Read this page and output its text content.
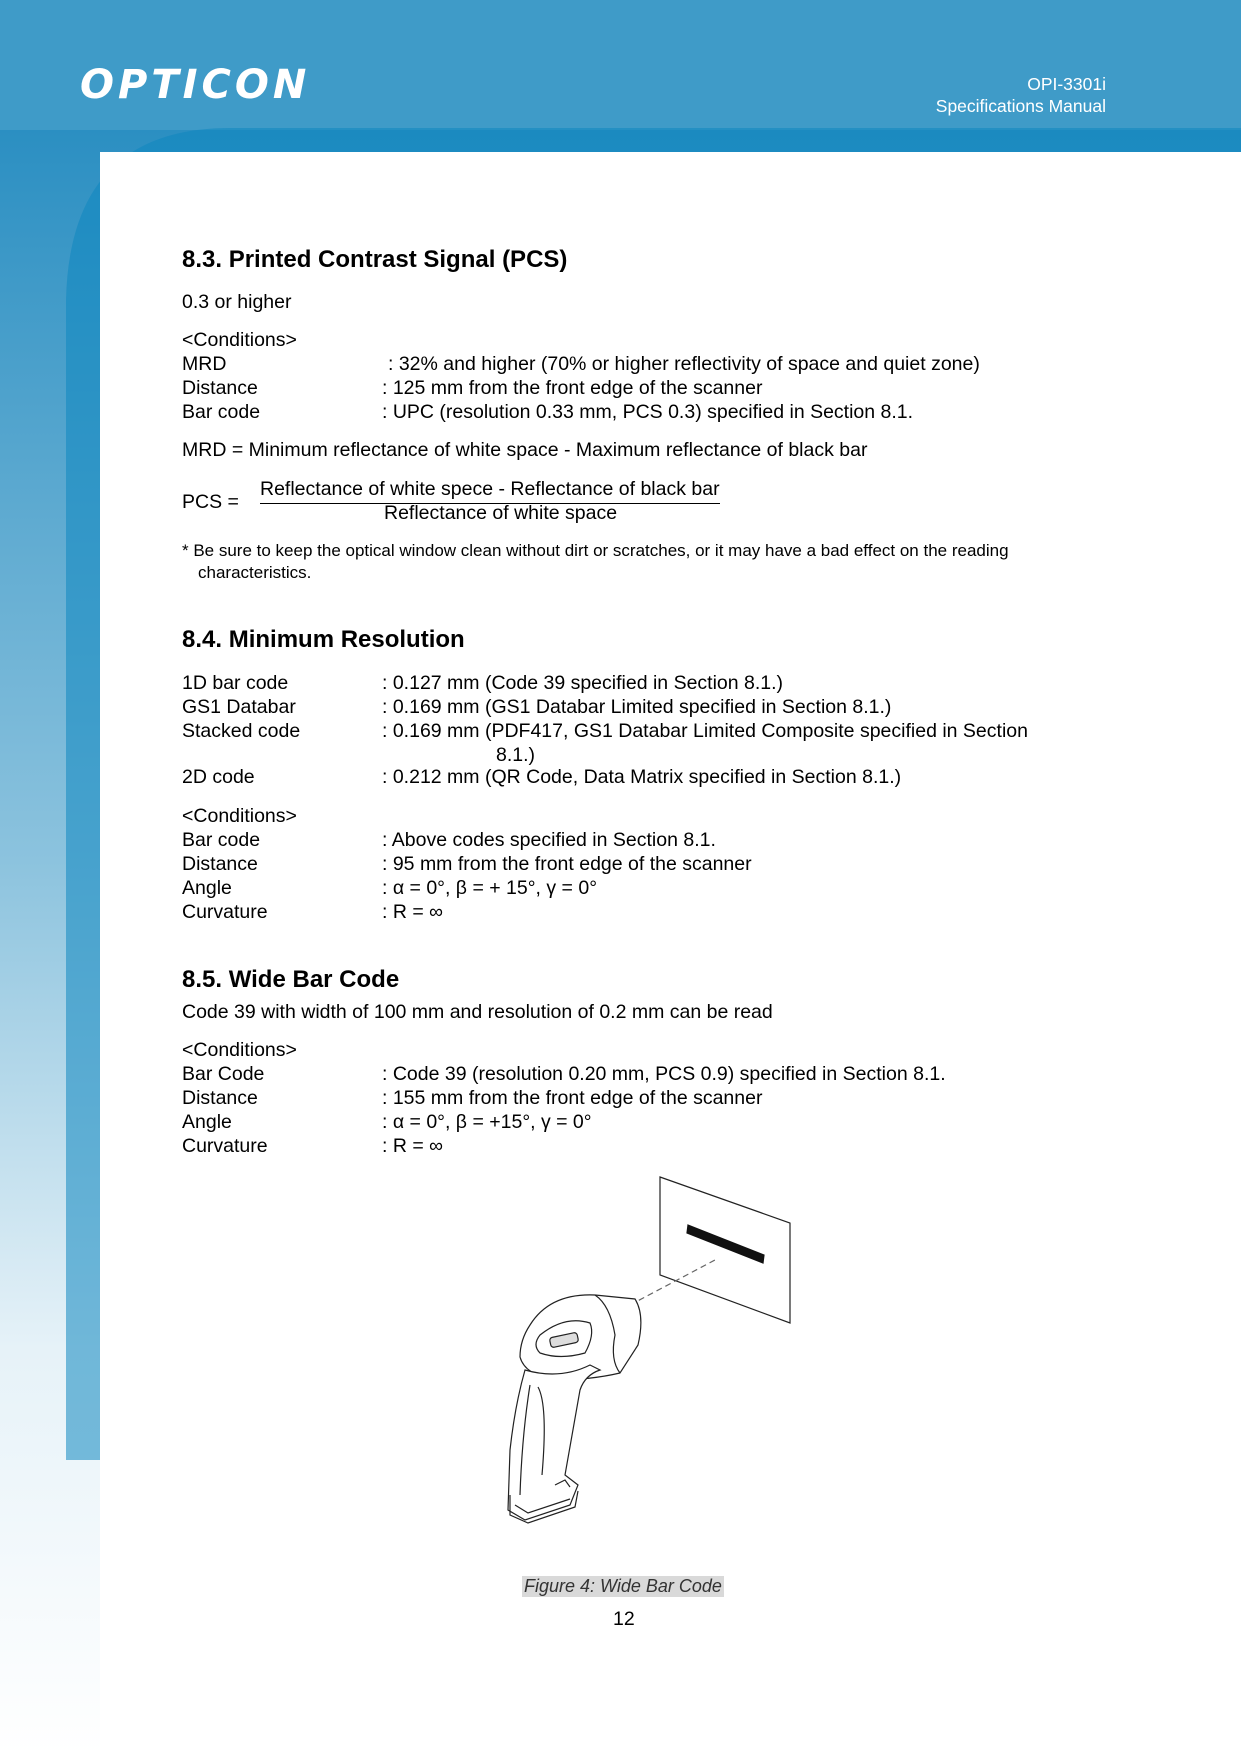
OPTICON	OPI-3301i
Specifications Manual
8.3. Printed Contrast Signal (PCS)
0.3 or higher
<Conditions>
MRD	: 32% and higher (70% or higher reflectivity of space and quiet zone)
Distance	: 125 mm from the front edge of the scanner
Bar code	: UPC (resolution 0.33 mm, PCS 0.3) specified in Section 8.1.
MRD = Minimum reflectance of white space - Maximum reflectance of black bar
PCS =
Reflectance of white spece - Reflectance of black bar
Reflectance of white space
* Be sure to keep the optical window clean without dirt or scratches, or it may have a bad effect on the reading
characteristics.
8.4. Minimum Resolution
1D bar code	: 0.127 mm (Code 39 specified in Section 8.1.)
GS1 Databar	: 0.169 mm (GS1 Databar Limited specified in Section 8.1.)
Stacked code	: 0.169 mm (PDF417, GS1 Databar Limited Composite specified in Section
8.1.)
2D code	: 0.212 mm (QR Code, Data Matrix specified in Section 8.1.)
<Conditions>
Bar code	: Above codes specified in Section 8.1.
Distance	: 95 mm from the front edge of the scanner
Angle	: α = 0°, β = + 15°, γ = 0°
Curvature	: R = ∞
8.5. Wide Bar Code
Code 39 with width of 100 mm and resolution of 0.2 mm can be read
<Conditions>
Bar Code	: Code 39 (resolution 0.20 mm, PCS 0.9) specified in Section 8.1.
Distance	: 155 mm from the front edge of the scanner
Angle	: α = 0°, β = +15°, γ = 0°
Curvature	: R = ∞
Figure 4: Wide Bar Code
12
